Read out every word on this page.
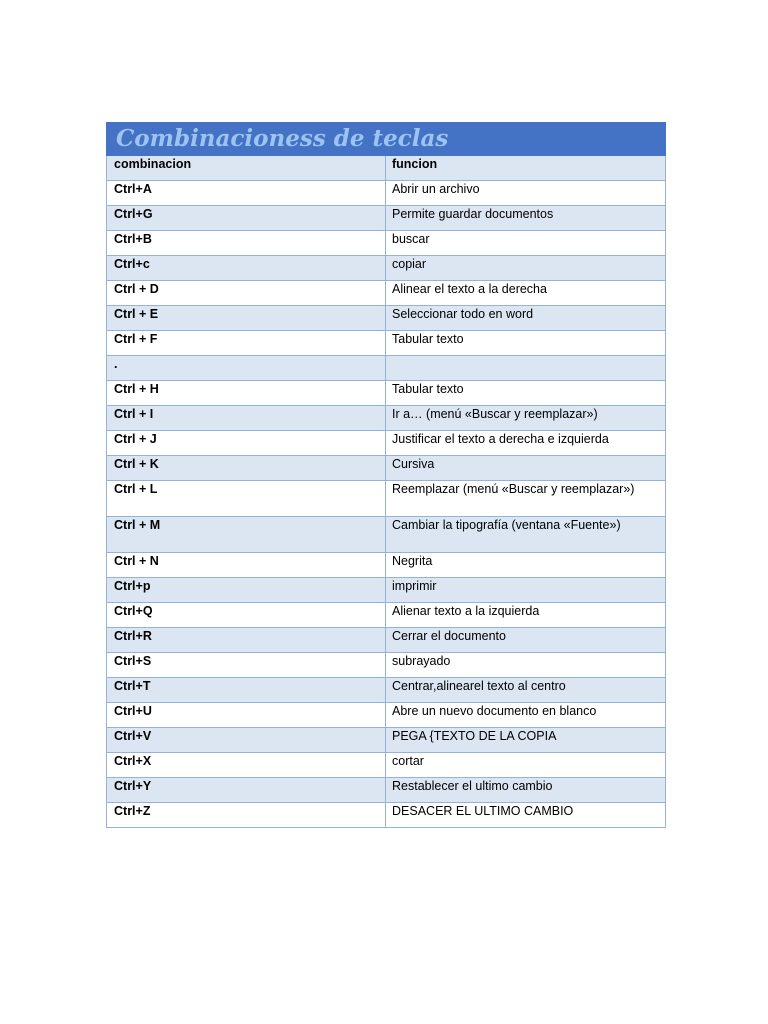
Combinacioness de teclas	
combinacion	funcion
Ctrl+A	Abrir un archivo
Ctrl+G	Permite guardar documentos
Ctrl+B	buscar
Ctrl+c	copiar
Ctrl + D	Alinear el texto a la derecha
Ctrl + E	Seleccionar todo en word
Ctrl + F	Tabular texto
.	
Ctrl + H	Tabular texto
Ctrl + I	Ir a… (menú «Buscar y reemplazar»)
Ctrl + J	Justificar el texto a derecha e izquierda
Ctrl + K	Cursiva
Ctrl + L	Reemplazar (menú «Buscar y reemplazar»)
Ctrl + M	Cambiar la tipografía (ventana «Fuente»)
Ctrl + N	Negrita
Ctrl+p	imprimir
Ctrl+Q	Alienar texto a la izquierda
Ctrl+R	Cerrar el documento
Ctrl+S	subrayado
Ctrl+T	Centrar,alinearel texto al centro
Ctrl+U	Abre un nuevo documento en blanco
Ctrl+V	PEGA {TEXTO DE LA COPIA
Ctrl+X	cortar
Ctrl+Y	Restablecer el ultimo cambio
Ctrl+Z	DESACER EL ULTIMO CAMBIO
